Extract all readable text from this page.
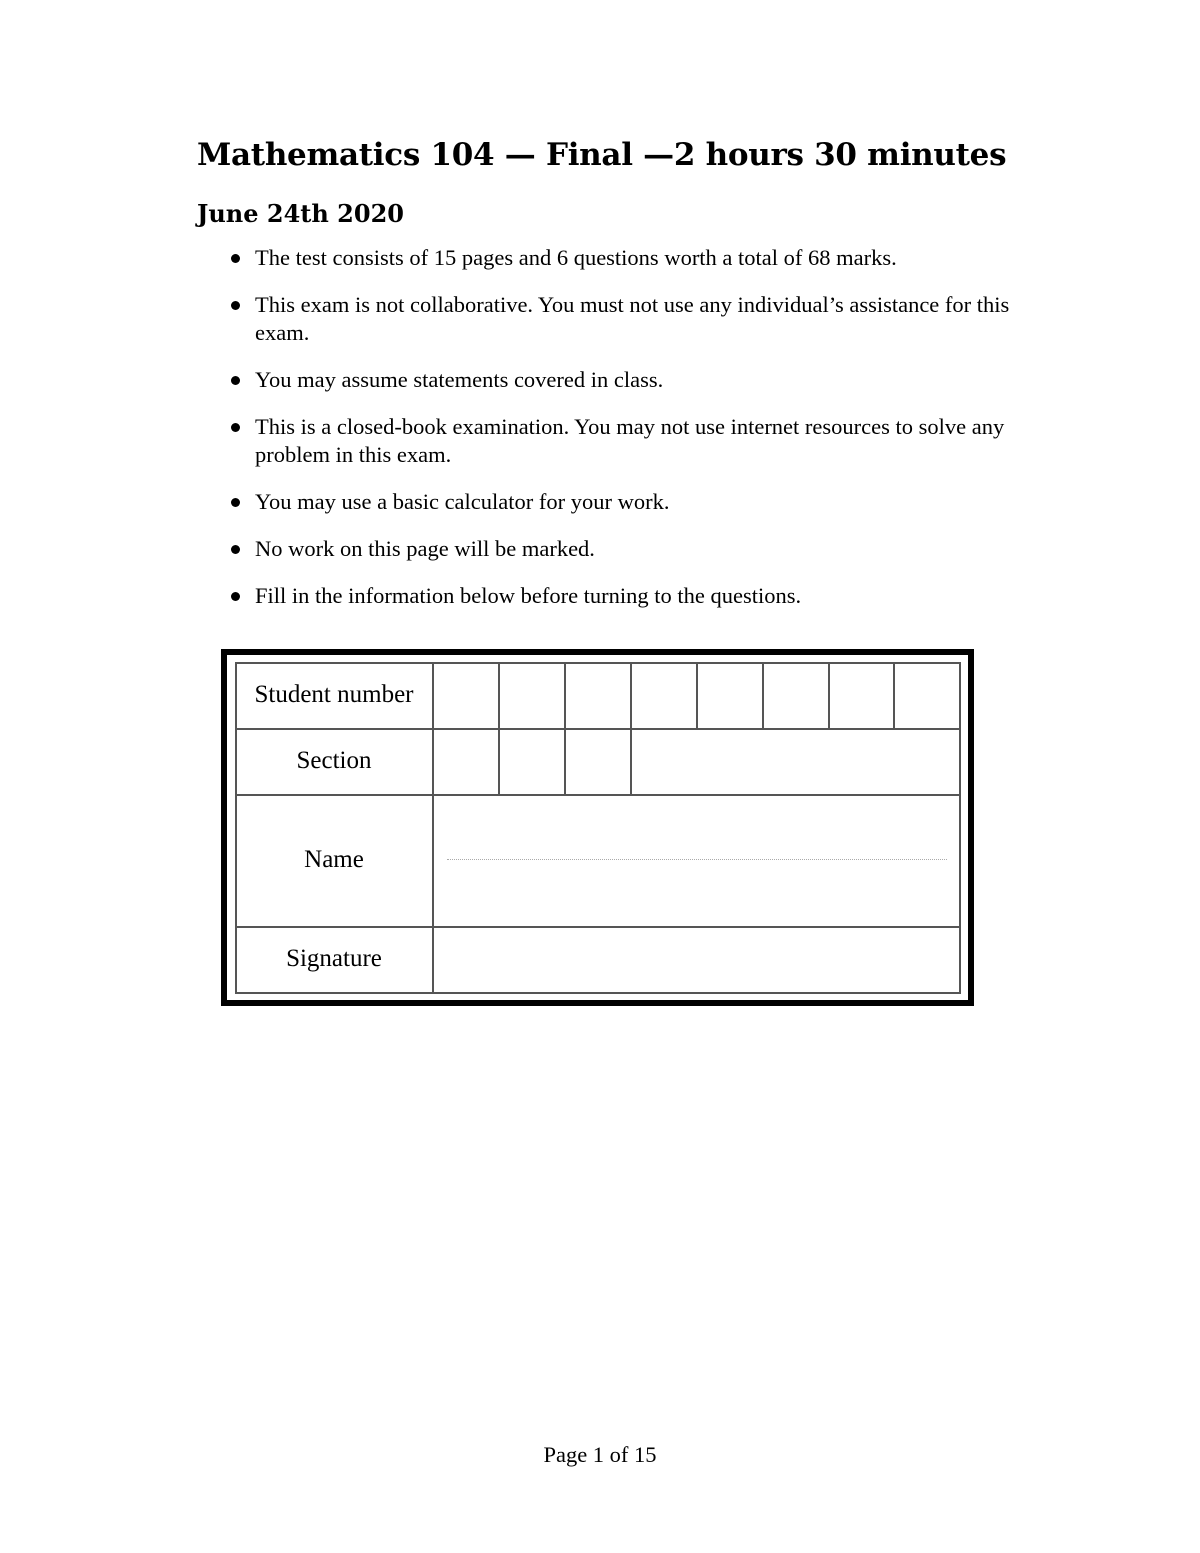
Mathematics 104 — Final —2 hours 30 minutes
June 24th 2020
The test consists of 15 pages and 6 questions worth a total of 68 marks.
This exam is not collaborative. You must not use any individual’s assistance for this exam.
You may assume statements covered in class.
This is a closed-book examination. You may not use internet resources to solve any problem in this exam.
You may use a basic calculator for your work.
No work on this page will be marked.
Fill in the information below before turning to the questions.
Student number
Section
Name
Signature
Page 1 of 15
